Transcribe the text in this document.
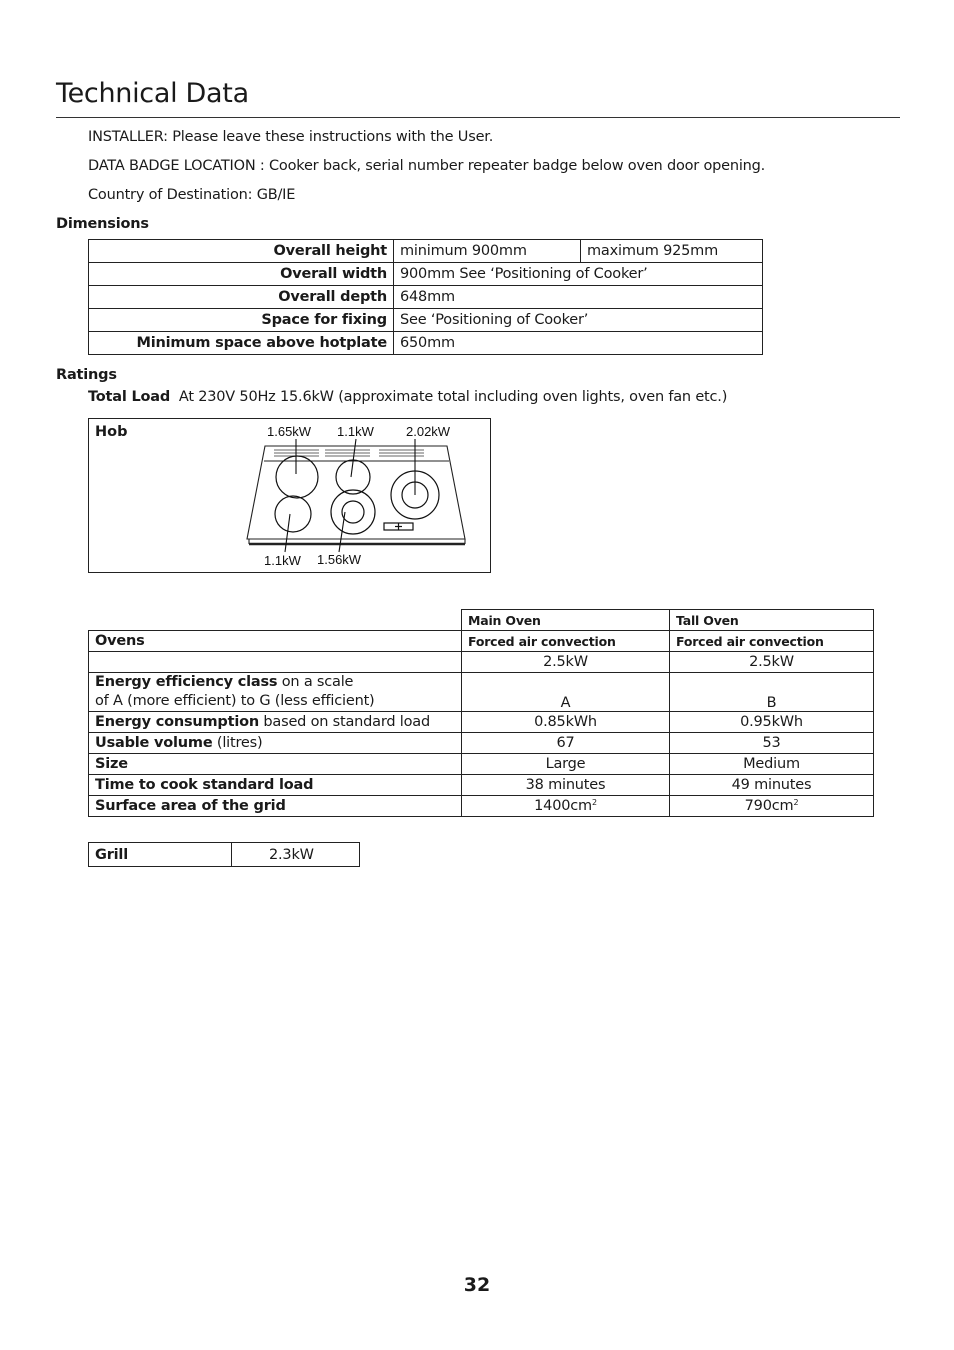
Technical Data
INSTALLER: Please leave these instructions with the User.
DATA BADGE LOCATION : Cooker back, serial number repeater badge below oven door opening.
Country of Destination: GB/IE
Dimensions
Overall height	minimum 900mm	maximum 925mm
Overall width	900mm See ‘Positioning of Cooker’	
Overall depth	648mm	
Space for fixing	See ‘Positioning of Cooker’	
Minimum space above hotplate	650mm	
Ratings
Total Load At 230V 50Hz 15.6kW (approximate total including oven lights, oven fan etc.)
Hob	1.65kW 1.1kW 2.02kW
1.1kW 1.56kW
	Main Oven	Tall Oven
Ovens	Forced air convection	Forced air convection
	2.5kW	2.5kW
Energy efficiency class on a scale
of A (more efficient) to G (less efficient)	A	B
Energy consumption based on standard load	0.85kWh	0.95kWh
Usable volume (litres)	67	53
Size	Large	Medium
Time to cook standard load	38 minutes	49 minutes
Surface area of the grid	$1400cm^2$	$790cm^2$
Grill	2.3kW
32
